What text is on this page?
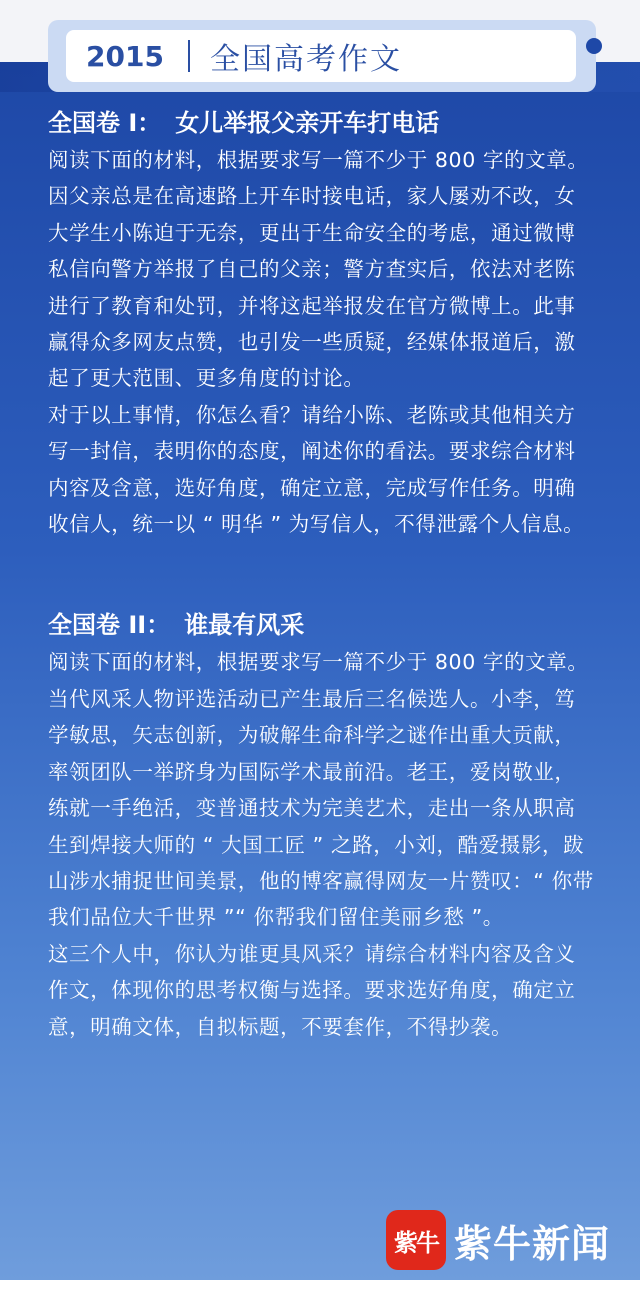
2015	全国高考作文
全国卷 I： 女儿举报父亲开车打电话

阅读下面的材料，根据要求写一篇不少于 800 字的文章。

因父亲总是在高速路上开车时接电话，家人屡劝不改，女大学生小陈迫于无奈，更出于生命安全的考虑，通过微博私信向警方举报了自己的父亲；警方查实后，依法对老陈进行了教育和处罚，并将这起举报发在官方微博上。此事赢得众多网友点赞，也引发一些质疑，经媒体报道后，激起了更大范围、更多角度的讨论。

对于以上事情，你怎么看？请给小陈、老陈或其他相关方写一封信，表明你的态度，阐述你的看法。要求综合材料内容及含意，选好角度，确定立意，完成写作任务。明确收信人，统一以 “ 明华 ” 为写信人，不得泄露个人信息。

全国卷 II： 谁最有风采

阅读下面的材料，根据要求写一篇不少于 800 字的文章。

当代风采人物评选活动已产生最后三名候选人。小李，笃学敏思，矢志创新，为破解生命科学之谜作出重大贡献，率领团队一举跻身为国际学术最前沿。老王，爱岗敬业，练就一手绝活，变普通技术为完美艺术，走出一条从职高生到焊接大师的 “ 大国工匠 ” 之路，小刘，酷爱摄影，跋山涉水捕捉世间美景，他的博客赢得网友一片赞叹：“ 你带我们品位大千世界 ”“ 你帮我们留住美丽乡愁 ”。

这三个人中，你认为谁更具风采？请综合材料内容及含义作文，体现你的思考权衡与选择。要求选好角度，确定立意，明确文体，自拟标题，不要套作，不得抄袭。

紫牛 紫牛新闻
